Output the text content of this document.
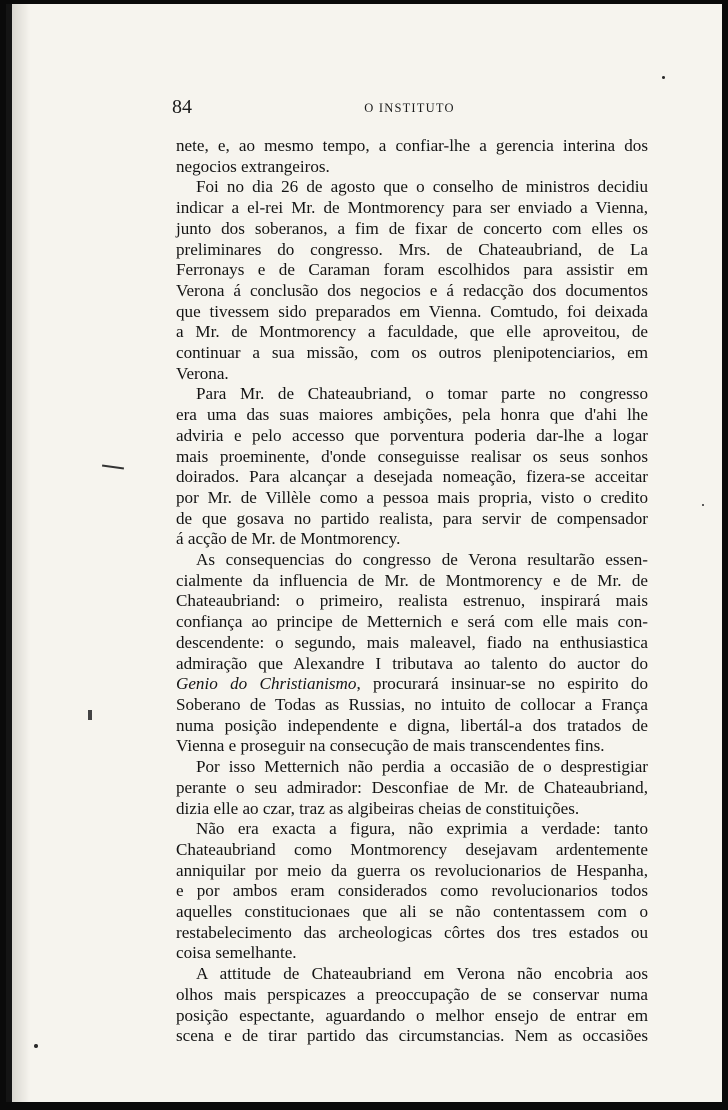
84	O INSTITUTO

nete, e, ao mesmo tempo, a confiar-lhe a gerencia interina dos

negocios extrangeiros.

Foi no dia 26 de agosto que o conselho de ministros decidiu

indicar a el-rei Mr. de Montmorency para ser enviado a Vienna,

junto dos soberanos, a fim de fixar de concerto com elles os

preliminares do congresso. Mrs. de Chateaubriand, de La

Ferronays e de Caraman foram escolhidos para assistir em

Verona á conclusão dos negocios e á redacção dos documentos

que tivessem sido preparados em Vienna. Comtudo, foi deixada

a Mr. de Montmorency a faculdade, que elle aproveitou, de

continuar a sua missão, com os outros plenipotenciarios, em

Verona.

Para Mr. de Chateaubriand, o tomar parte no congresso

era uma das suas maiores ambições, pela honra que d'ahi lhe

adviria e pelo accesso que porventura poderia dar-lhe a logar

mais proeminente, d'onde conseguisse realisar os seus sonhos

doirados. Para alcançar a desejada nomeação, fizera-se acceitar

por Mr. de Villèle como a pessoa mais propria, visto o credito

de que gosava no partido realista, para servir de compensador

á acção de Mr. de Montmorency.

As consequencias do congresso de Verona resultarão essen-

cialmente da influencia de Mr. de Montmorency e de Mr. de

Chateaubriand: o primeiro, realista estrenuo, inspirará mais

confiança ao principe de Metternich e será com elle mais con-

descendente: o segundo, mais maleavel, fiado na enthusiastica

admiração que Alexandre I tributava ao talento do auctor do

Genio do Christianismo, procurará insinuar-se no espirito do

Soberano de Todas as Russias, no intuito de collocar a França

numa posição independente e digna, libertál-a dos tratados de

Vienna e proseguir na consecução de mais transcendentes fins.

Por isso Metternich não perdia a occasião de o desprestigiar

perante o seu admirador: Desconfiae de Mr. de Chateaubriand,

dizia elle ao czar, traz as algibeiras cheias de constituições.

Não era exacta a figura, não exprimia a verdade: tanto

Chateaubriand como Montmorency desejavam ardentemente

anniquilar por meio da guerra os revolucionarios de Hespanha,

e por ambos eram considerados como revolucionarios todos

aquelles constitucionaes que ali se não contentassem com o

restabelecimento das archeologicas côrtes dos tres estados ou

coisa semelhante.

A attitude de Chateaubriand em Verona não encobria aos

olhos mais perspicazes a preoccupação de se conservar numa

posição espectante, aguardando o melhor ensejo de entrar em

scena e de tirar partido das circumstancias. Nem as occasiões
